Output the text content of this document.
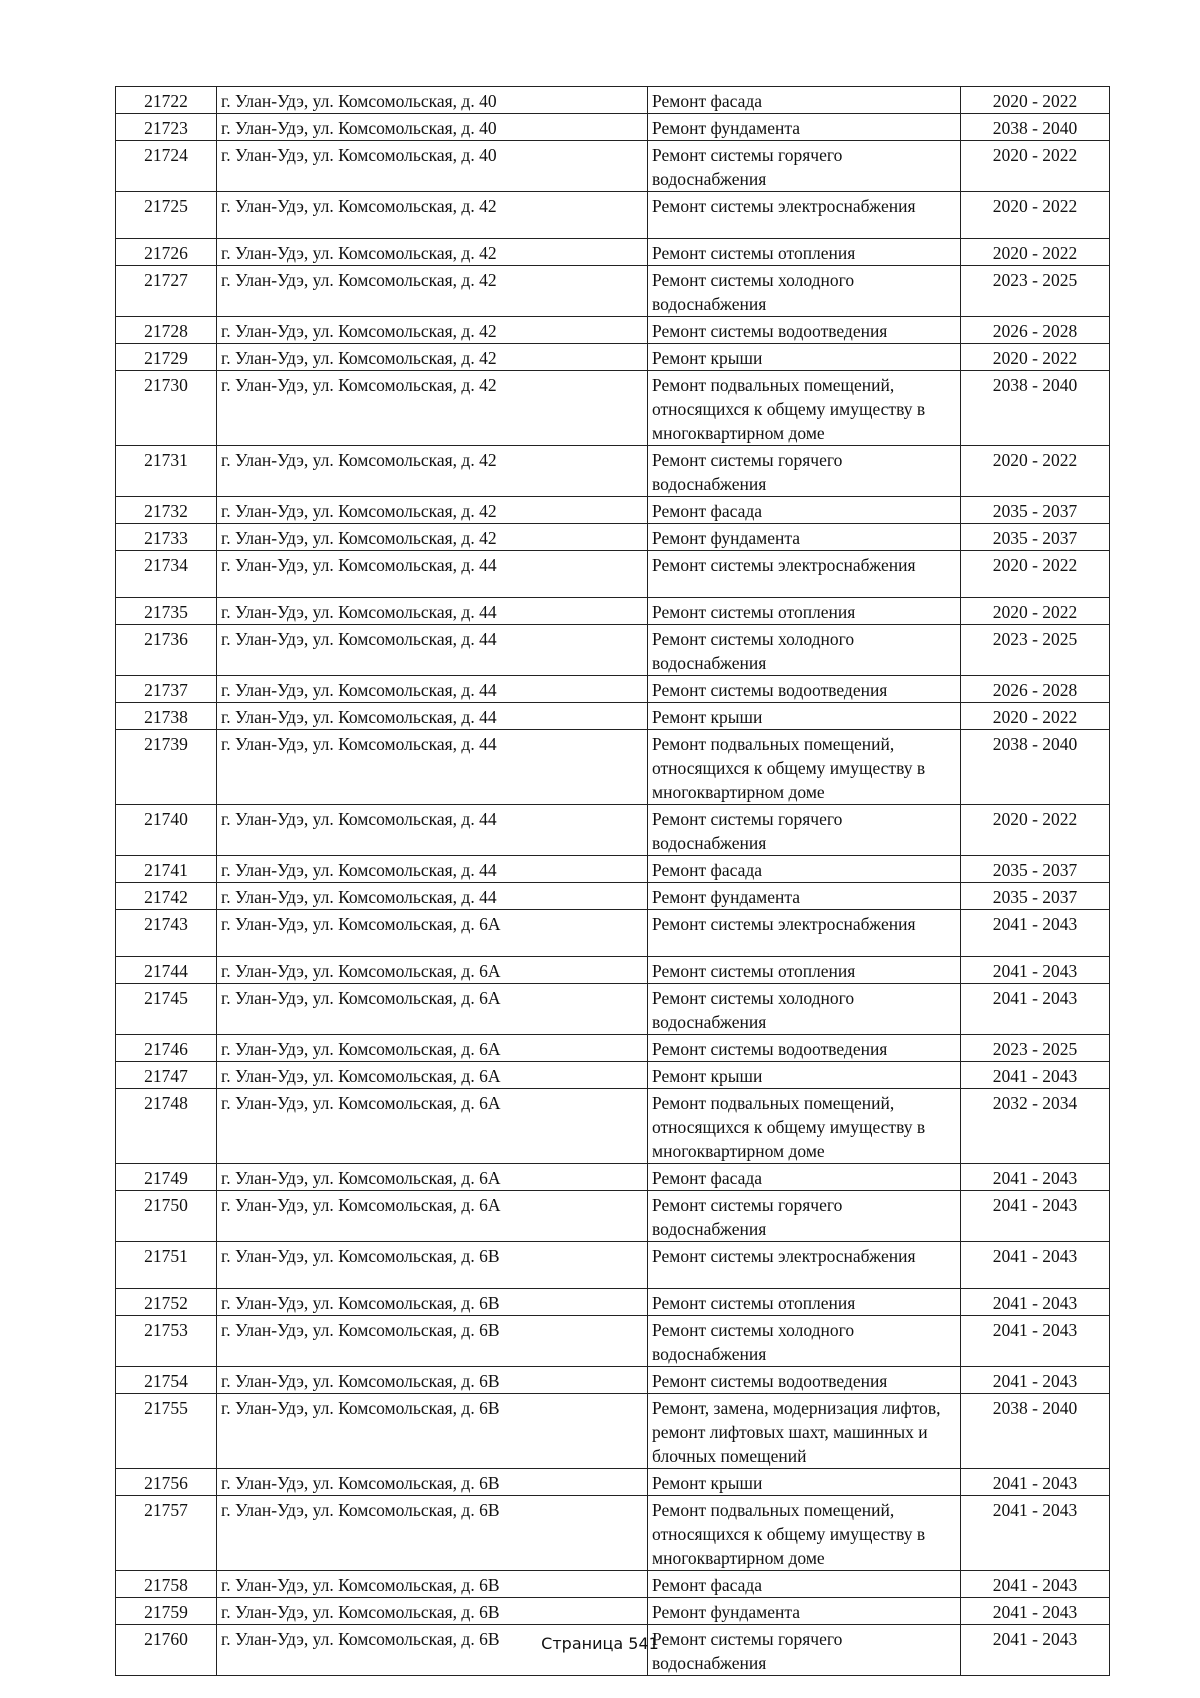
21722	г. Улан-Удэ, ул. Комсомольская, д. 40	Ремонт фасада	2020 - 2022
21723	г. Улан-Удэ, ул. Комсомольская, д. 40	Ремонт фундамента	2038 - 2040
21724	г. Улан-Удэ, ул. Комсомольская, д. 40	Ремонт системы горячего водоснабжения	2020 - 2022
21725	г. Улан-Удэ, ул. Комсомольская, д. 42	Ремонт системы электроснабжения	2020 - 2022
21726	г. Улан-Удэ, ул. Комсомольская, д. 42	Ремонт системы отопления	2020 - 2022
21727	г. Улан-Удэ, ул. Комсомольская, д. 42	Ремонт системы холодного водоснабжения	2023 - 2025
21728	г. Улан-Удэ, ул. Комсомольская, д. 42	Ремонт системы водоотведения	2026 - 2028
21729	г. Улан-Удэ, ул. Комсомольская, д. 42	Ремонт крыши	2020 - 2022
21730	г. Улан-Удэ, ул. Комсомольская, д. 42	Ремонт подвальных помещений, относящихся к общему имуществу в многоквартирном доме	2038 - 2040
21731	г. Улан-Удэ, ул. Комсомольская, д. 42	Ремонт системы горячего водоснабжения	2020 - 2022
21732	г. Улан-Удэ, ул. Комсомольская, д. 42	Ремонт фасада	2035 - 2037
21733	г. Улан-Удэ, ул. Комсомольская, д. 42	Ремонт фундамента	2035 - 2037
21734	г. Улан-Удэ, ул. Комсомольская, д. 44	Ремонт системы электроснабжения	2020 - 2022
21735	г. Улан-Удэ, ул. Комсомольская, д. 44	Ремонт системы отопления	2020 - 2022
21736	г. Улан-Удэ, ул. Комсомольская, д. 44	Ремонт системы холодного водоснабжения	2023 - 2025
21737	г. Улан-Удэ, ул. Комсомольская, д. 44	Ремонт системы водоотведения	2026 - 2028
21738	г. Улан-Удэ, ул. Комсомольская, д. 44	Ремонт крыши	2020 - 2022
21739	г. Улан-Удэ, ул. Комсомольская, д. 44	Ремонт подвальных помещений, относящихся к общему имуществу в многоквартирном доме	2038 - 2040
21740	г. Улан-Удэ, ул. Комсомольская, д. 44	Ремонт системы горячего водоснабжения	2020 - 2022
21741	г. Улан-Удэ, ул. Комсомольская, д. 44	Ремонт фасада	2035 - 2037
21742	г. Улан-Удэ, ул. Комсомольская, д. 44	Ремонт фундамента	2035 - 2037
21743	г. Улан-Удэ, ул. Комсомольская, д. 6А	Ремонт системы электроснабжения	2041 - 2043
21744	г. Улан-Удэ, ул. Комсомольская, д. 6А	Ремонт системы отопления	2041 - 2043
21745	г. Улан-Удэ, ул. Комсомольская, д. 6А	Ремонт системы холодного водоснабжения	2041 - 2043
21746	г. Улан-Удэ, ул. Комсомольская, д. 6А	Ремонт системы водоотведения	2023 - 2025
21747	г. Улан-Удэ, ул. Комсомольская, д. 6А	Ремонт крыши	2041 - 2043
21748	г. Улан-Удэ, ул. Комсомольская, д. 6А	Ремонт подвальных помещений, относящихся к общему имуществу в многоквартирном доме	2032 - 2034
21749	г. Улан-Удэ, ул. Комсомольская, д. 6А	Ремонт фасада	2041 - 2043
21750	г. Улан-Удэ, ул. Комсомольская, д. 6А	Ремонт системы горячего водоснабжения	2041 - 2043
21751	г. Улан-Удэ, ул. Комсомольская, д. 6В	Ремонт системы электроснабжения	2041 - 2043
21752	г. Улан-Удэ, ул. Комсомольская, д. 6В	Ремонт системы отопления	2041 - 2043
21753	г. Улан-Удэ, ул. Комсомольская, д. 6В	Ремонт системы холодного водоснабжения	2041 - 2043
21754	г. Улан-Удэ, ул. Комсомольская, д. 6В	Ремонт системы водоотведения	2041 - 2043
21755	г. Улан-Удэ, ул. Комсомольская, д. 6В	Ремонт, замена, модернизация лифтов, ремонт лифтовых шахт, машинных и блочных помещений	2038 - 2040
21756	г. Улан-Удэ, ул. Комсомольская, д. 6В	Ремонт крыши	2041 - 2043
21757	г. Улан-Удэ, ул. Комсомольская, д. 6В	Ремонт подвальных помещений, относящихся к общему имуществу в многоквартирном доме	2041 - 2043
21758	г. Улан-Удэ, ул. Комсомольская, д. 6В	Ремонт фасада	2041 - 2043
21759	г. Улан-Удэ, ул. Комсомольская, д. 6В	Ремонт фундамента	2041 - 2043
21760	г. Улан-Удэ, ул. Комсомольская, д. 6В	Ремонт системы горячего водоснабжения	2041 - 2043
Страница 541
